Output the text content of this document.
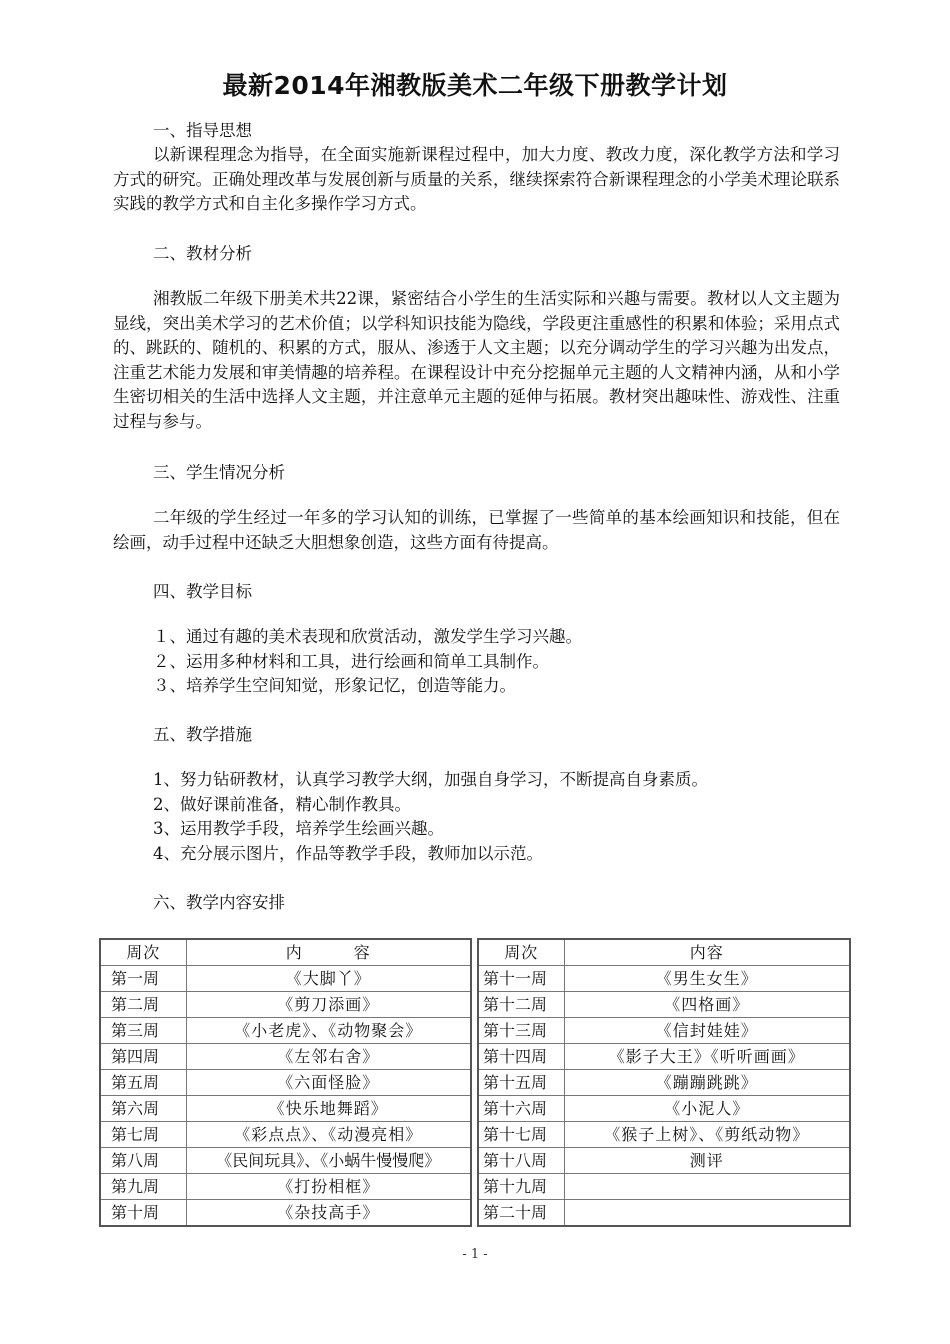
最新2014年湘教版美术二年级下册教学计划
一、指导思想

以新课程理念为指导，在全面实施新课程过程中，加大力度、教改力度，深化教学方法和学习方式的研究。正确处理改革与发展创新与质量的关系，继续探索符合新课程理念的小学美术理论联系实践的教学方式和自主化多操作学习方式。

二、教材分析

湘教版二年级下册美术共22课，紧密结合小学生的生活实际和兴趣与需要。教材以人文主题为显线，突出美术学习的艺术价值；以学科知识技能为隐线，学段更注重感性的积累和体验；采用点式的、跳跃的、随机的、积累的方式，服从、渗透于人文主题；以充分调动学生的学习兴趣为出发点，注重艺术能力发展和审美情趣的培养程。在课程设计中充分挖掘单元主题的人文精神内涵，从和小学生密切相关的生活中选择人文主题，并注意单元主题的延伸与拓展。教材突出趣味性、游戏性、注重过程与参与。

三、学生情况分析

二年级的学生经过一年多的学习认知的训练，已掌握了一些简单的基本绘画知识和技能，但在绘画，动手过程中还缺乏大胆想象创造，这些方面有待提高。

四、教学目标
１、通过有趣的美术表现和欣赏活动，激发学生学习兴趣。
２、运用多种材料和工具，进行绘画和简单工具制作。
３、培养学生空间知觉，形象记忆，创造等能力。
五、教学措施
1、努力钻研教材，认真学习教学大纲，加强自身学习，不断提高自身素质。
2、做好课前准备，精心制作教具。
3、运用教学手段，培养学生绘画兴趣。
4、充分展示图片，作品等教学手段，教师加以示范。
六、教学内容安排
周次	内　　　容
第一周	《大脚丫》
第二周	《剪刀添画》
第三周	《小老虎》、《动物聚会》
第四周	《左邻右舍》
第五周	《六面怪脸》
第六周	《快乐地舞蹈》
第七周	《彩点点》、《动漫亮相》
第八周	《民间玩具》、《小蜗牛慢慢爬》
第九周	《打扮相框》
第十周	《杂技高手》
周次	内容
第十一周	《男生女生》
第十二周	《四格画》
第十三周	《信封娃娃》
第十四周	《影子大王》《听听画画》
第十五周	《蹦蹦跳跳》
第十六周	《小泥人》
第十七周	《猴子上树》、《剪纸动物》
第十八周	测评
第十九周	
第二十周	
- 1 -
